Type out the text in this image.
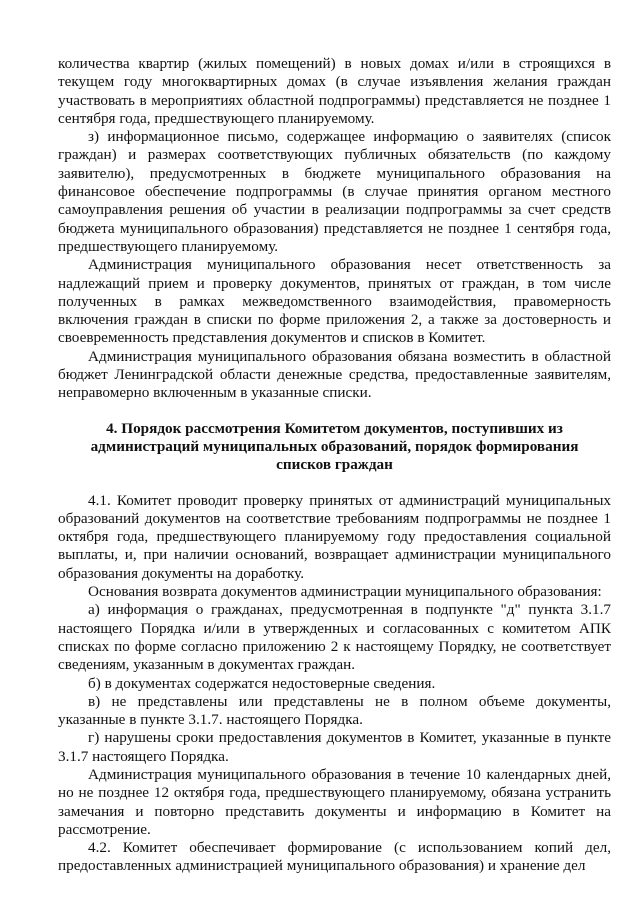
количества квартир (жилых помещений) в новых домах и/или в строящихся в текущем году многоквартирных домах (в случае изъявления желания граждан участвовать в мероприятиях областной подпрограммы) представляется не позднее 1 сентября года, предшествующего планируемому.

з) информационное письмо, содержащее информацию о заявителях (список граждан) и размерах соответствующих публичных обязательств (по каждому заявителю), предусмотренных в бюджете муниципального образования на финансовое обеспечение подпрограммы (в случае принятия органом местного самоуправления решения об участии в реализации подпрограммы за счет средств бюджета муниципального образования) представляется не позднее 1 сентября года, предшествующего планируемому.

Администрация муниципального образования несет ответственность за надлежащий прием и проверку документов, принятых от граждан, в том числе полученных в рамках межведомственного взаимодействия, правомерность включения граждан в списки по форме приложения 2, а также за достоверность и своевременность представления документов и списков в Комитет.

Администрация муниципального образования обязана возместить в областной бюджет Ленинградской области денежные средства, предоставленные заявителям, неправомерно включенным в указанные списки.

4. Порядок рассмотрения Комитетом документов, поступивших из администраций муниципальных образований, порядок формирования списков граждан

4.1. Комитет проводит проверку принятых от администраций муниципальных образований документов на соответствие требованиям подпрограммы не позднее 1 октября года, предшествующего планируемому году предоставления социальной выплаты, и, при наличии оснований, возвращает администрации муниципального образования документы на доработку.

Основания возврата документов администрации муниципального образования:

а) информация о гражданах, предусмотренная в подпункте "д" пункта 3.1.7 настоящего Порядка и/или в утвержденных и согласованных с комитетом АПК списках по форме согласно приложению 2 к настоящему Порядку, не соответствует сведениям, указанным в документах граждан.

б) в документах содержатся недостоверные сведения.

в) не представлены или представлены не в полном объеме документы, указанные в пункте 3.1.7. настоящего Порядка.

г) нарушены сроки предоставления документов в Комитет, указанные в пункте 3.1.7 настоящего Порядка.

Администрация муниципального образования в течение 10 календарных дней, но не позднее 12 октября года, предшествующего планируемому, обязана устранить замечания и повторно представить документы и информацию в Комитет на рассмотрение.

4.2. Комитет обеспечивает формирование (с использованием копий дел, предоставленных администрацией муниципального образования) и хранение дел
